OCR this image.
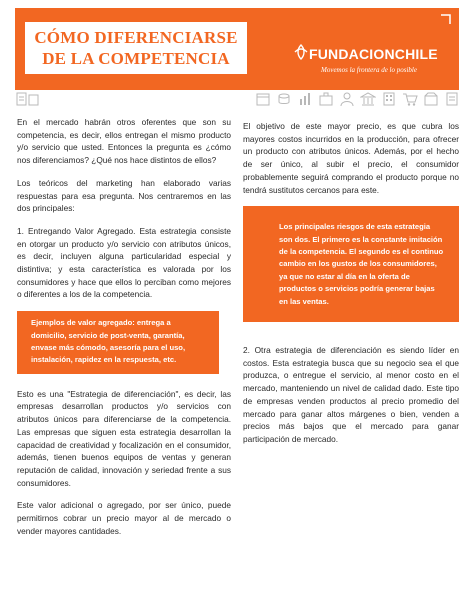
CÓMO DIFERENCIARSE
DE LA COMPETENCIA	FUNDACIONCHILE
Movemos la frontera de lo posible

En el mercado habrán otros oferentes que son su competencia, es decir, ellos entregan el mismo producto y/o servicio que usted. Entonces la pregunta es ¿cómo nos diferenciamos? ¿Qué nos hace distintos de ellos?

Los teóricos del marketing han elaborado varias respuestas para esa pregunta. Nos centraremos en las dos principales:

1. Entregando Valor Agregado. Esta estrategia consiste en otorgar un producto y/o servicio con atributos únicos, es decir, incluyen alguna particularidad especial y distintiva; y esta característica es valorada por los consumidores y hace que ellos lo perciban como mejores o diferentes a los de la competencia.

Ejemplos de valor agregado: entrega a domicilio, servicio de post-venta, garantía, envase más cómodo, asesoría para el uso, instalación, rapidez en la respuesta, etc.

Esto es una "Estrategia de diferenciación", es decir, las empresas desarrollan productos y/o servicios con atributos únicos para diferenciarse de la competencia. Las empresas que siguen esta estrategia desarrollan la capacidad de creatividad y focalización en el consumidor, además, tienen buenos equipos de ventas y generan reputación de calidad, innovación y seriedad frente a sus consumidores.

Este valor adicional o agregado, por ser único, puede permitirnos cobrar un precio mayor al de mercado o vender mayores cantidades.

El objetivo de este mayor precio, es que cubra los mayores costos incurridos en la producción, para ofrecer un producto con atributos únicos. Además, por el hecho de ser único, al subir el precio, el consumidor probablemente seguirá comprando el producto porque no tendrá sustitutos cercanos para este.

Los principales riesgos de esta estrategia son dos. El primero es la constante imitación de la competencia. El segundo es el continuo cambio en los gustos de los consumidores, ya que no estar al día en la oferta de productos o servicios podría generar bajas en las ventas.

2. Otra estrategia de diferenciación es siendo líder en costos. Esta estrategia busca que su negocio sea el que produzca, o entregue el servicio, al menor costo en el mercado, manteniendo un nivel de calidad dado. Este tipo de empresas venden productos al precio promedio del mercado para ganar altos márgenes o bien, venden a precios más bajos que el mercado para ganar participación de mercado.
